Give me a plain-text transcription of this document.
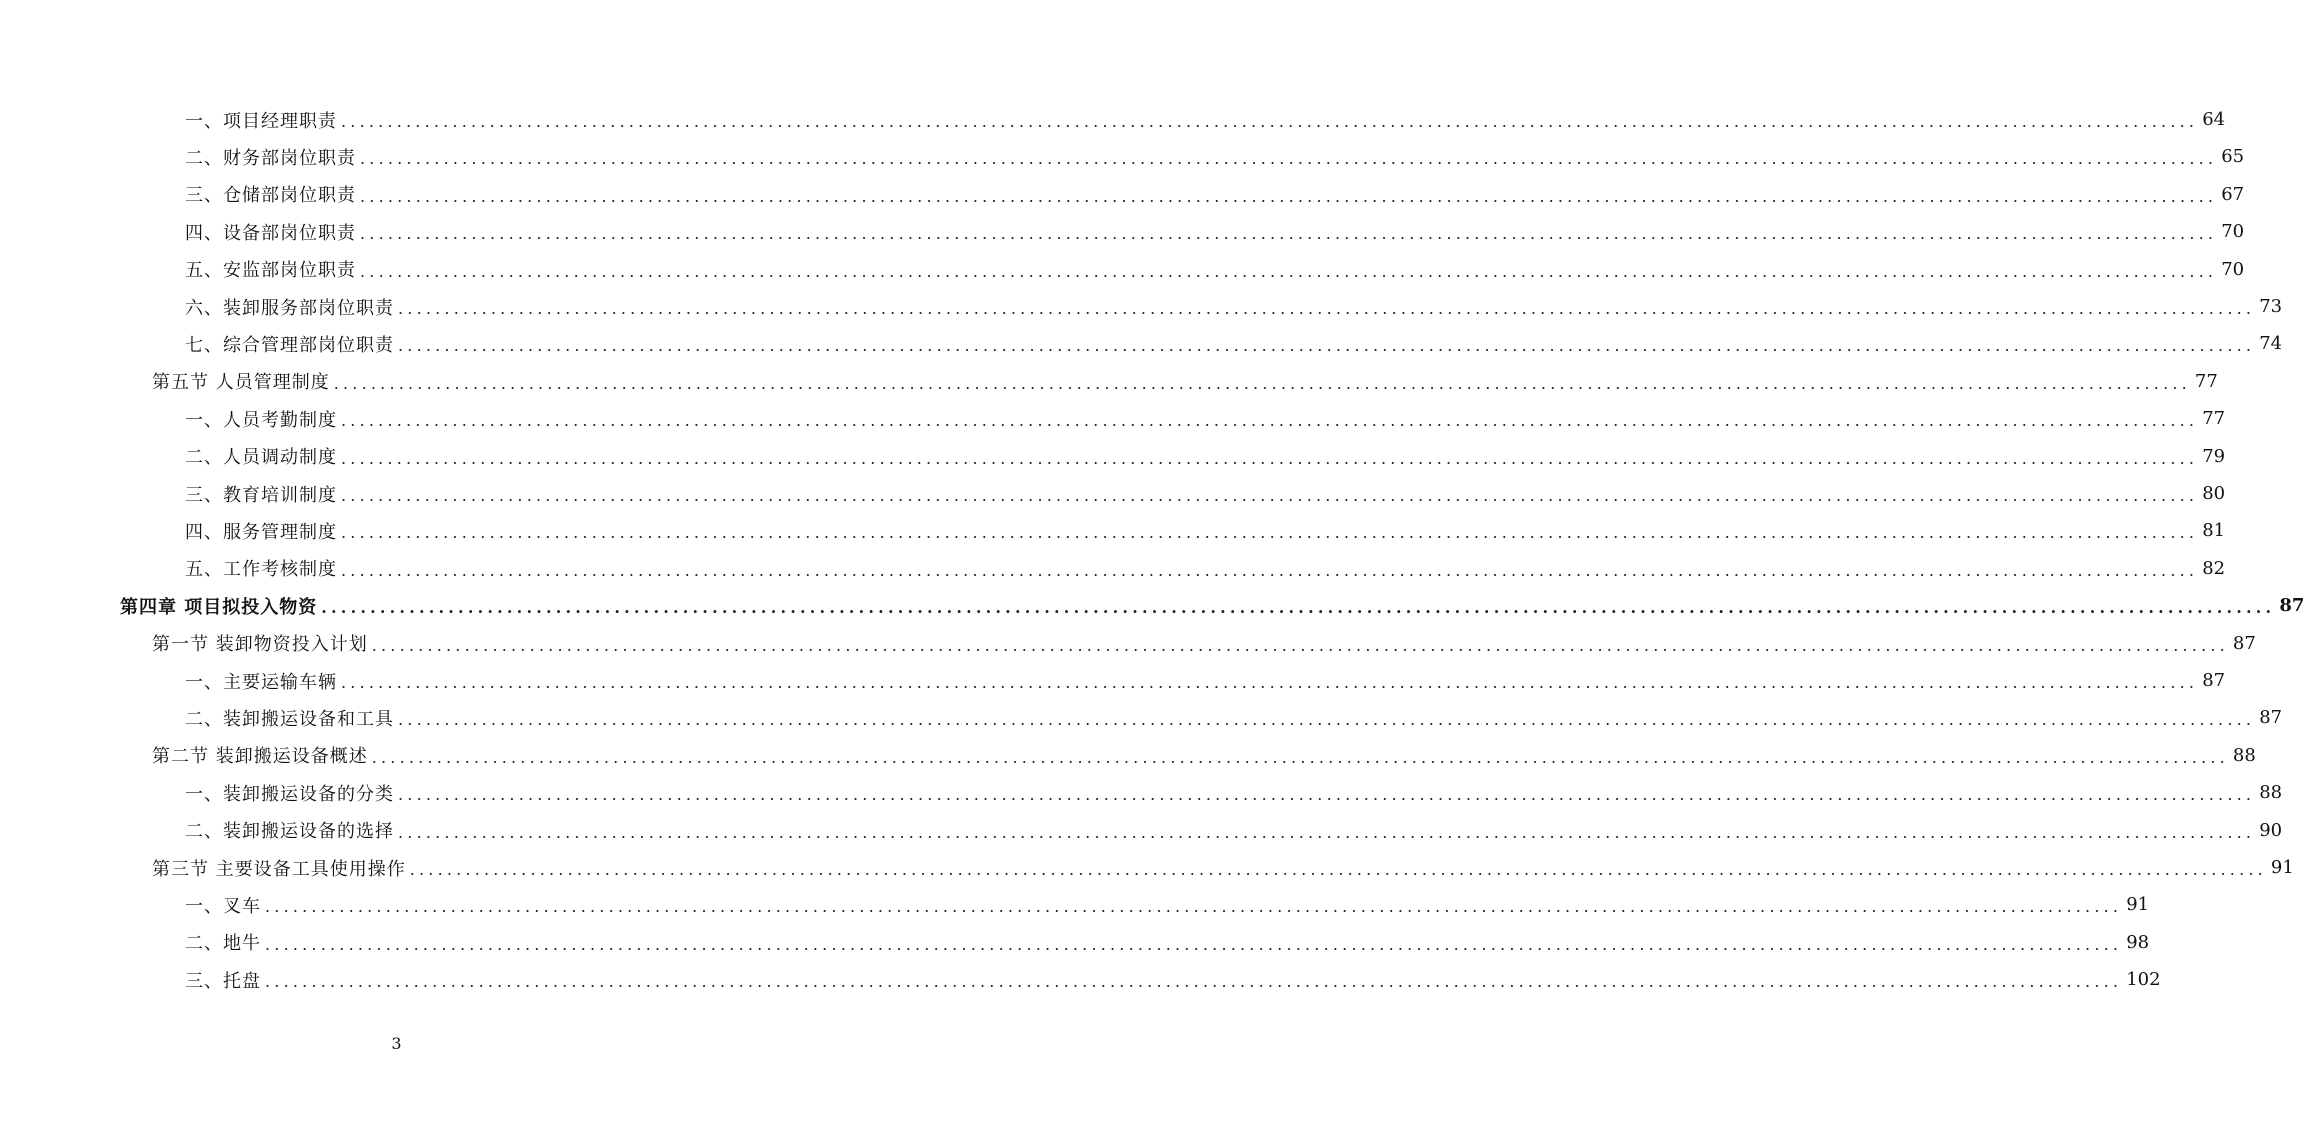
一、项目经理职责 ........................................................................................................................................................................................................ 64
二、财务部岗位职责 ........................................................................................................................................................................................................ 65
三、仓储部岗位职责 ........................................................................................................................................................................................................ 67
四、设备部岗位职责 ........................................................................................................................................................................................................ 70
五、安监部岗位职责 ........................................................................................................................................................................................................ 70
六、装卸服务部岗位职责 ........................................................................................................................................................................................................ 73
七、综合管理部岗位职责 ........................................................................................................................................................................................................ 74
第五节 人员管理制度 ........................................................................................................................................................................................................ 77
一、人员考勤制度 ........................................................................................................................................................................................................ 77
二、人员调动制度 ........................................................................................................................................................................................................ 79
三、教育培训制度 ........................................................................................................................................................................................................ 80
四、服务管理制度 ........................................................................................................................................................................................................ 81
五、工作考核制度 ........................................................................................................................................................................................................ 82
第四章 项目拟投入物资 ........................................................................................................................................................................................................ 87
第一节 装卸物资投入计划 ........................................................................................................................................................................................................ 87
一、主要运输车辆 ........................................................................................................................................................................................................ 87
二、装卸搬运设备和工具 ........................................................................................................................................................................................................ 87
第二节 装卸搬运设备概述 ........................................................................................................................................................................................................ 88
一、装卸搬运设备的分类 ........................................................................................................................................................................................................ 88
二、装卸搬运设备的选择 ........................................................................................................................................................................................................ 90
第三节 主要设备工具使用操作 ........................................................................................................................................................................................................ 91
一、叉车 ........................................................................................................................................................................................................ 91
二、地牛 ........................................................................................................................................................................................................ 98
三、托盘 ........................................................................................................................................................................................................ 102
3
